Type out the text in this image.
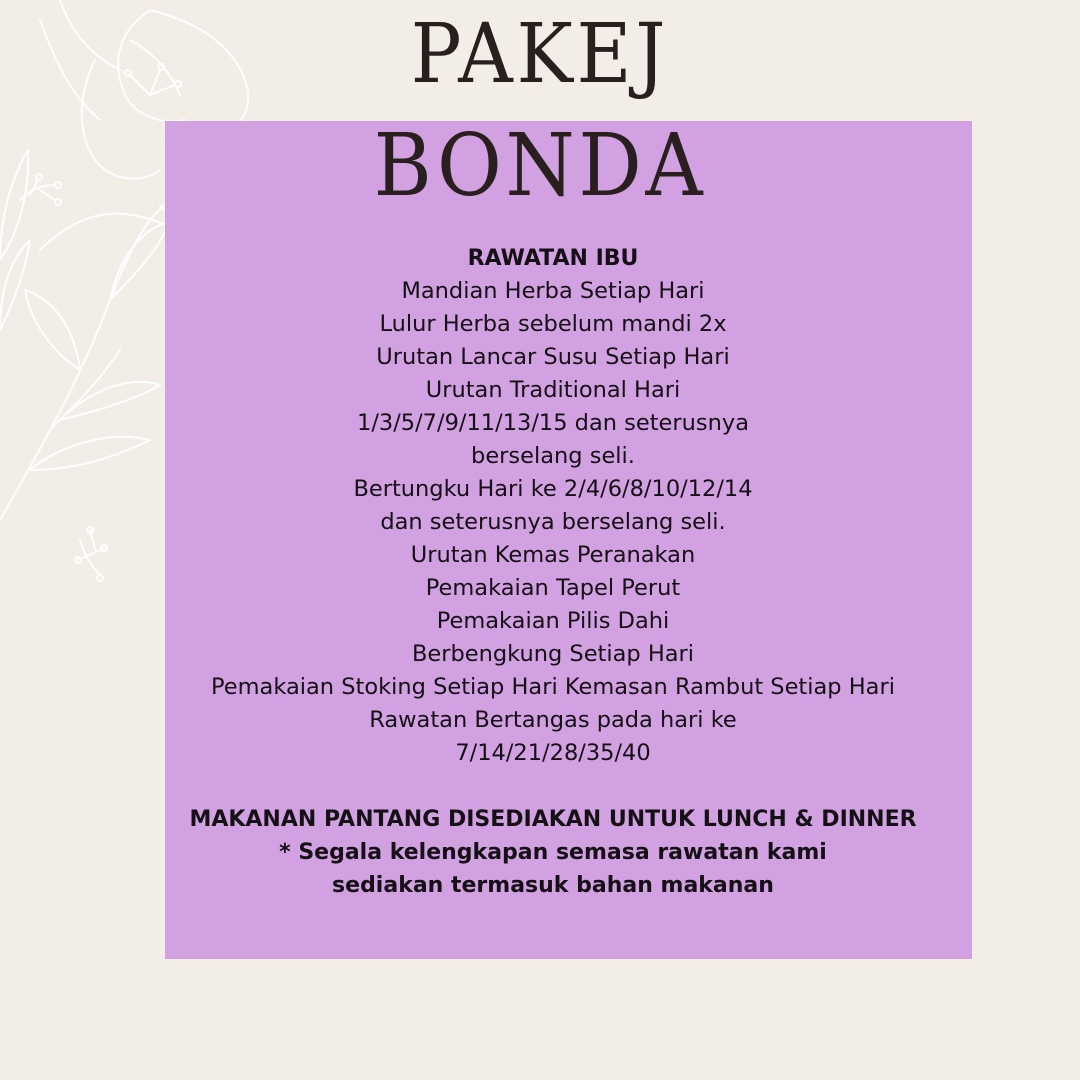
PAKEJ
BONDA

RAWATAN IBU

Mandian Herba Setiap Hari
Lulur Herba sebelum mandi 2x
Urutan Lancar Susu Setiap Hari
Urutan Traditional Hari
1/3/5/7/9/11/13/15 dan seterusnya
berselang seli.
Bertungku Hari ke 2/4/6/8/10/12/14
dan seterusnya berselang seli.
Urutan Kemas Peranakan
Pemakaian Tapel Perut
Pemakaian Pilis Dahi
Berbengkung Setiap Hari
Pemakaian Stoking Setiap Hari Kemasan Rambut Setiap Hari
Rawatan Bertangas pada hari ke
7/14/21/28/35/40

MAKANAN PANTANG DISEDIAKAN UNTUK LUNCH & DINNER

* Segala kelengkapan semasa rawatan kami

sediakan termasuk bahan makanan
